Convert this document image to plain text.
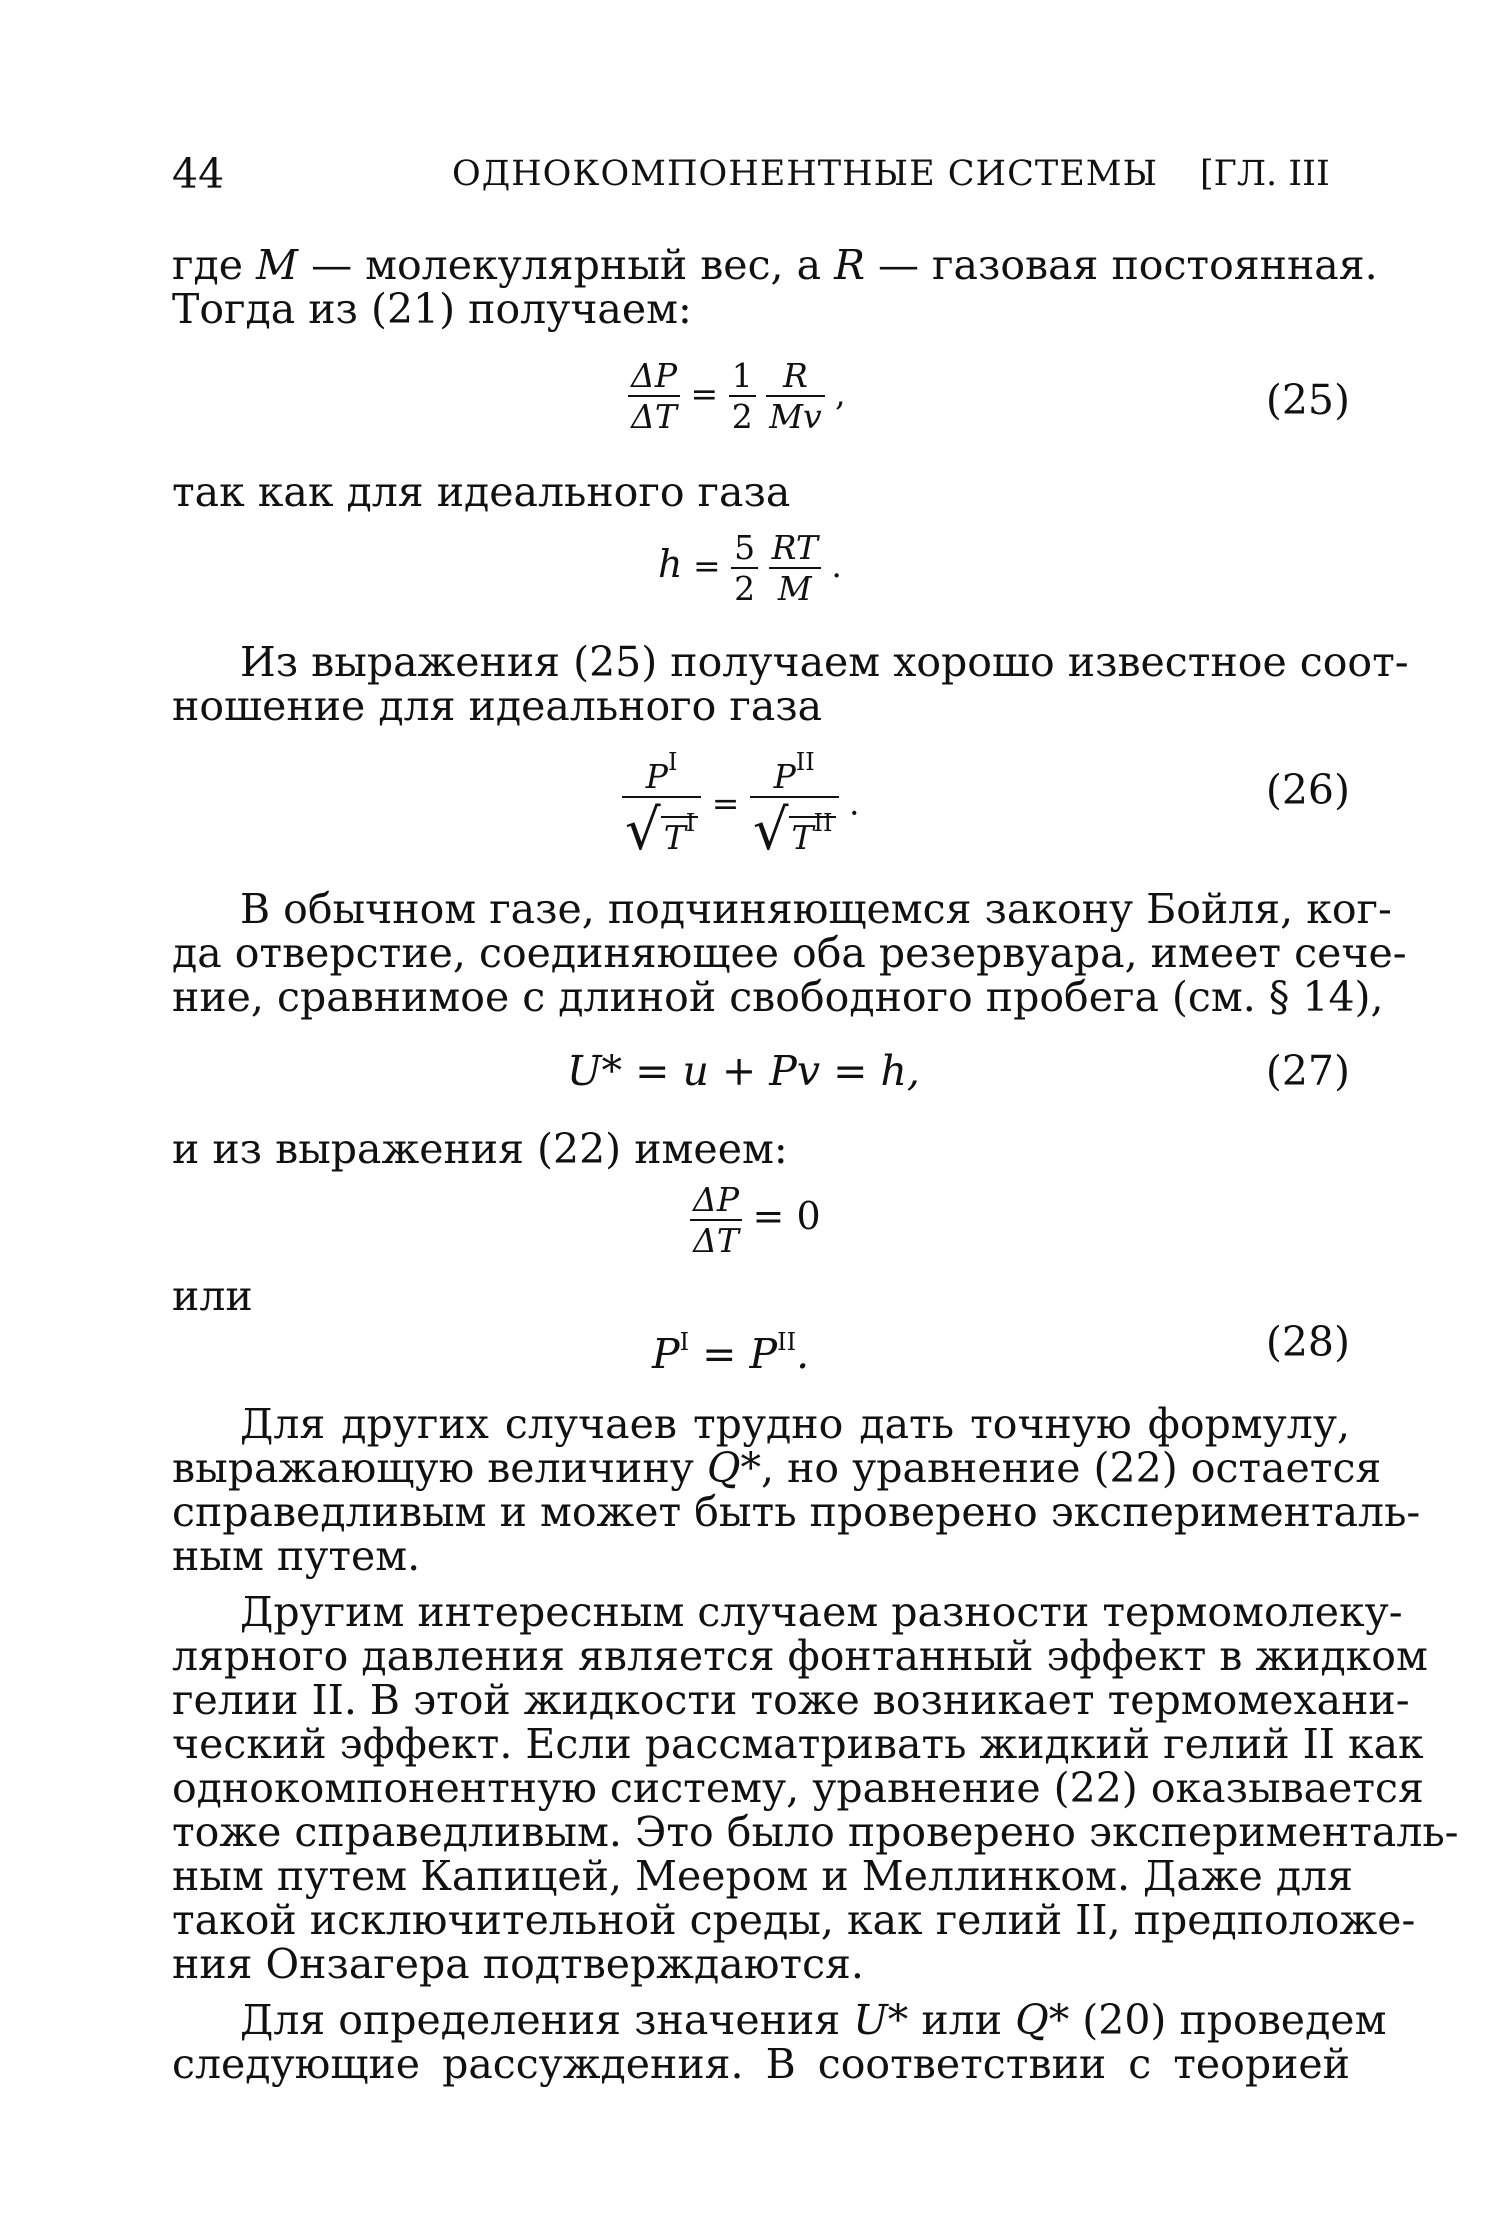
44	ОДНОКОМПОНЕНТНЫЕ СИСТЕМЫ [ГЛ. III
где M — молекулярный вес, а R — газовая постоянная.
Тогда из (21) получаем:
$\frac{\Delta P}{\Delta T} = \frac{1}{2}$
$\frac{R}{Mv}$ ,	(25)
так как для идеального газа
$h = \frac{5}{2}$
$\frac{RT}{M}$ .
Из выражения (25) получаем хорошо известное соот-
ношение для идеального газа
$\frac{P^I}{√T^I} = \frac{P^{II}}{√T^{II}}$ .	(26)
В обычном газе, подчиняющемся закону Бойля, ког-
да отверстие, соединяющее оба резервуара, имеет сече-
ние, сравнимое с длиной свободного пробега (см. § 14),
U* = u + Pv = h,	(27)
и из выражения (22) имеем:
$\frac{\Delta P}{\Delta T} = 0$
или
$P^I = P^{II}$.	(28)
Для других случаев трудно дать точную формулу,
выражающую величину Q*, но уравнение (22) остается
справедливым и может быть проверено эксперименталь-
ным путем.
Другим интересным случаем разности термомолеку-
лярного давления является фонтанный эффект в жидком
гелии II. В этой жидкости тоже возникает термомехани-
ческий эффект. Если рассматривать жидкий гелий II как
однокомпонентную систему, уравнение (22) оказывается
тоже справедливым. Это было проверено эксперименталь-
ным путем Капицей, Меером и Меллинком. Даже для
такой исключительной среды, как гелий II, предположе-
ния Онзагера подтверждаются.
Для определения значения U* или Q* (20) проведем
следующие рассуждения. В соответствии с теорией
